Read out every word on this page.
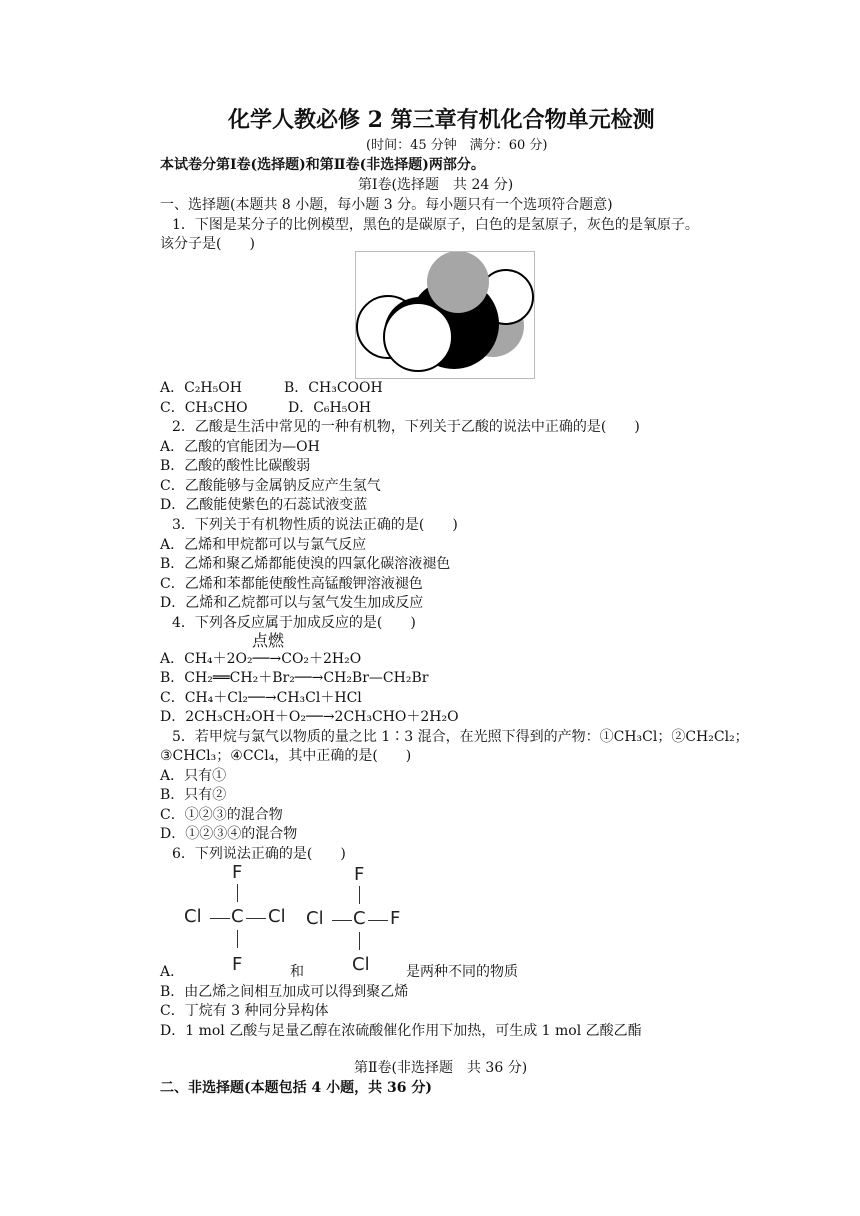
化学人教必修 2 第三章有机化合物单元检测
(时间：45 分钟　满分：60 分)
本试卷分第Ⅰ卷(选择题)和第Ⅱ卷(非选择题)两部分。
第Ⅰ卷(选择题　共 24 分)
一、选择题(本题共 8 小题，每小题 3 分。每小题只有一个选项符合题意)
1．下图是某分子的比例模型，黑色的是碳原子，白色的是氢原子，灰色的是氧原子。
该分子是(　　)
A．C₂H₅OH	B．CH₃COOH
C．CH₃CHO	D．C₆H₅OH
2．乙酸是生活中常见的一种有机物，下列关于乙酸的说法中正确的是(　　)
A．乙酸的官能团为—OH
B．乙酸的酸性比碳酸弱
C．乙酸能够与金属钠反应产生氢气
D．乙酸能使紫色的石蕊试液变蓝
3．下列关于有机物性质的说法正确的是(　　)
A．乙烯和甲烷都可以与氯气反应
B．乙烯和聚乙烯都能使溴的四氯化碳溶液褪色
C．乙烯和苯都能使酸性高锰酸钾溶液褪色
D．乙烯和乙烷都可以与氢气发生加成反应
4．下列各反应属于加成反应的是(　　)
点燃
A．CH₄＋2O₂──→CO₂＋2H₂O
B．CH₂══CH₂＋Br₂──→CH₂Br—CH₂Br
C．CH₄＋Cl₂──→CH₃Cl＋HCl
D．2CH₃CH₂OH＋O₂──→2CH₃CHO＋2H₂O
5．若甲烷与氯气以物质的量之比 1∶3 混合，在光照下得到的产物：①CH₃Cl；②CH₂Cl₂；
③CHCl₃；④CCl₄，其中正确的是(　　)
A．只有①
B．只有②
C．①②③的混合物
D．①②③④的混合物
6．下列说法正确的是(　　)
F
Cl C Cl
F
F
Cl C F
Cl
A．	和	是两种不同的物质
B．由乙烯之间相互加成可以得到聚乙烯
C．丁烷有 3 种同分异构体
D．1 mol 乙酸与足量乙醇在浓硫酸催化作用下加热，可生成 1 mol 乙酸乙酯
第Ⅱ卷(非选择题　共 36 分)
二、非选择题(本题包括 4 小题，共 36 分)
